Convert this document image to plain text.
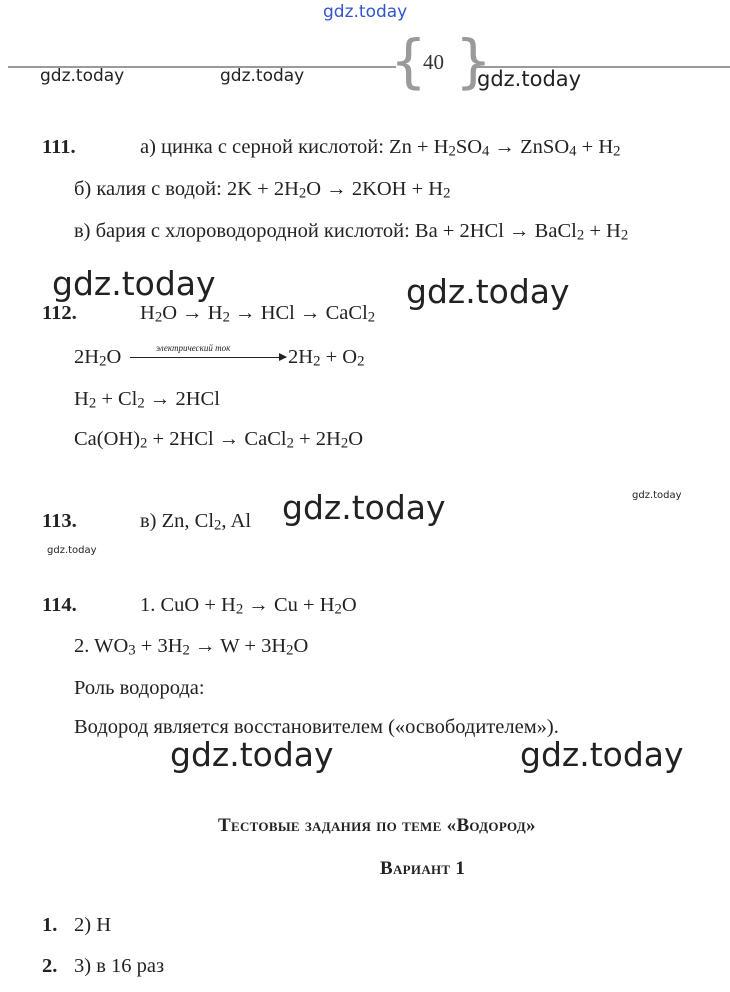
gdz.today
{ }
40
gdz.today	gdz.today	gdz.today
111.	а) цинка с серной кислотой: $Zn + H_2SO_4$ → ZnSO$_4$ + $H_2$
б) калия с водой: $2K + 2H_2O \to 2KOH + H_2$
в) бария с хлороводородной кислотой: Ba + 2HCl → BaCl$_2$ + $H_2$
gdz.today	gdz.today
112.	$H_2O \to H_2$ → HCl → CaCl$_2$
$2H_2O$	электрический ток	$2H_2 + O_2$
$H_2 + Cl_2 \to 2HCl$
$Ca(OH)_2 + 2HCl$ → CaCl$_2$ + $2H_2O$
gdz.today
gdz.today
113.	в) Zn, $Cl_2$, Al
gdz.today
114.	1. CuO + $H_2 \to Cu + H_2O$
2. $WO_3 + 3H_2 \to W + 3H_2O$
Роль водорода:
Водород является восстановителем («освободителем»).
gdz.today	gdz.today
Тестовые задания по теме «Водород»
Вариант 1
1. 2) H
2. 3) в 16 раз
